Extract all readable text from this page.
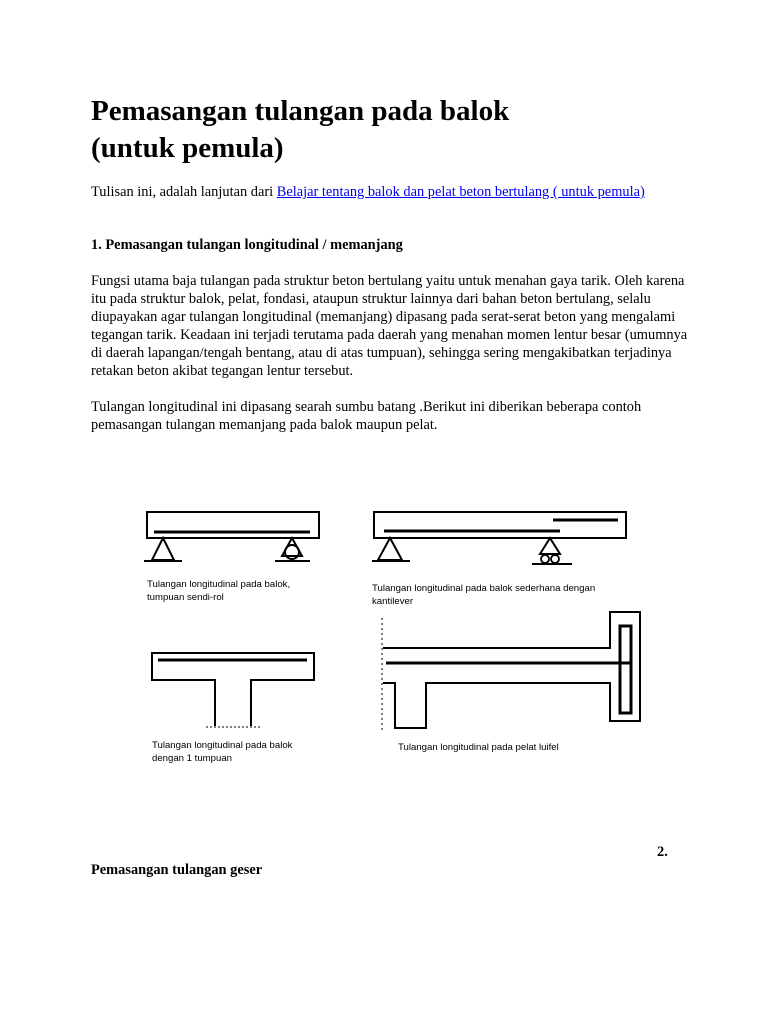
Pemasangan tulangan pada balok
(untuk pemula)

Tulisan ini, adalah lanjutan dari Belajar tentang balok dan pelat beton bertulang ( untuk pemula)

1. Pemasangan tulangan longitudinal / memanjang

Fungsi utama baja tulangan pada struktur beton bertulang yaitu untuk menahan gaya tarik. Oleh karena itu pada struktur balok, pelat, fondasi, ataupun struktur lainnya dari bahan beton bertulang, selalu diupayakan agar tulangan longitudinal (memanjang) dipasang pada serat-serat beton yang mengalami tegangan tarik. Keadaan ini terjadi terutama pada daerah yang menahan momen lentur besar (umumnya di daerah lapangan/tengah bentang, atau di atas tumpuan), sehingga sering mengakibatkan terjadinya retakan beton akibat tegangan lentur tersebut.

Tulangan longitudinal ini dipasang searah sumbu batang .Berikut ini diberikan beberapa contoh pemasangan tulangan memanjang pada balok maupun pelat.

Tulangan longitudinal pada balok,
tumpuan sendi-rol
Tulangan longitudinal pada balok sederhana dengan
kantilever
Tulangan longitudinal pada balok
dengan 1 tumpuan
Tulangan longitudinal pada pelat luifel

2.

Pemasangan tulangan geser
